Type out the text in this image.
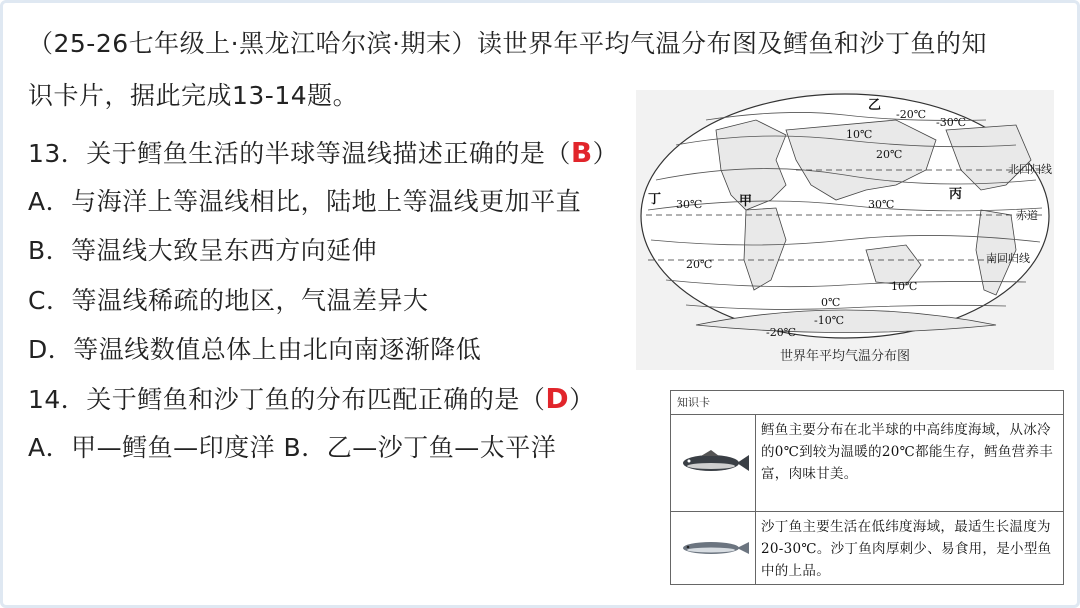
（25-26七年级上·黑龙江哈尔滨·期末）读世界年平均气温分布图及鳕鱼和沙丁鱼的知
识卡片，据此完成13-14题。
13．关于鳕鱼生活的半球等温线描述正确的是（B）
A．与海洋上等温线相比，陆地上等温线更加平直
B．等温线大致呈东西方向延伸
C．等温线稀疏的地区，气温差异大
D．等温线数值总体上由北向南逐渐降低
14．关于鳕鱼和沙丁鱼的分布匹配正确的是（D）
A．甲—鳕鱼—印度洋 B．乙—沙丁鱼—太平洋
乙
甲	丙
丁
北回归线
赤道
南回归线
30℃	30℃
20℃
20℃
10℃
10℃
0℃
-10℃
-20℃
-20℃
-30℃
世界年平均气温分布图
知识卡
鳕鱼主要分布在北半球的中高纬度海域，从冰冷的0℃到较为温暖的20℃都能生存，鳕鱼营养丰富，肉味甘美。
沙丁鱼主要生活在低纬度海域，最适生长温度为20-30℃。沙丁鱼肉厚刺少、易食用，是小型鱼中的上品。
